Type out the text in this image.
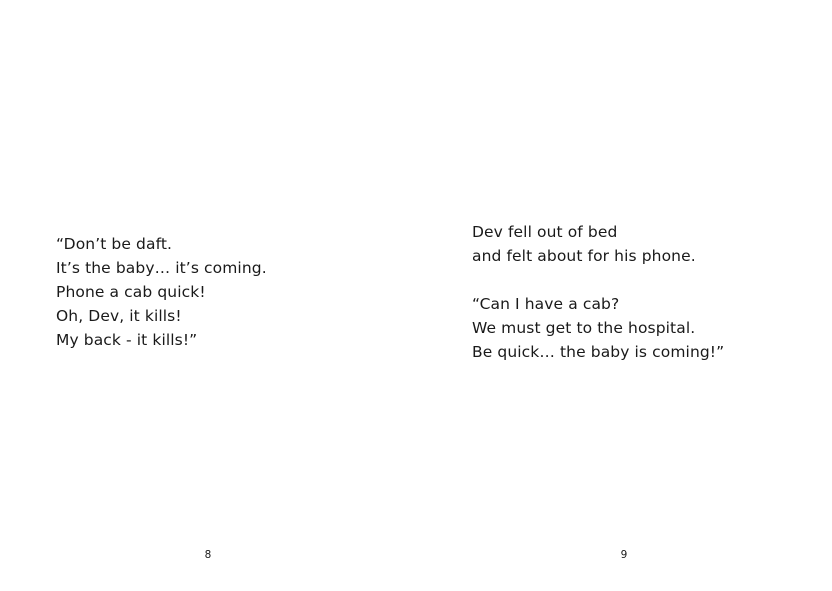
“Don’t be daft.
It’s the baby… it’s coming.
Phone a cab quick!
Oh, Dev, it kills!
My back - it kills!”
8
Dev fell out of bed
and felt about for his phone.
“Can I have a cab?
We must get to the hospital.
Be quick… the baby is coming!”
9
